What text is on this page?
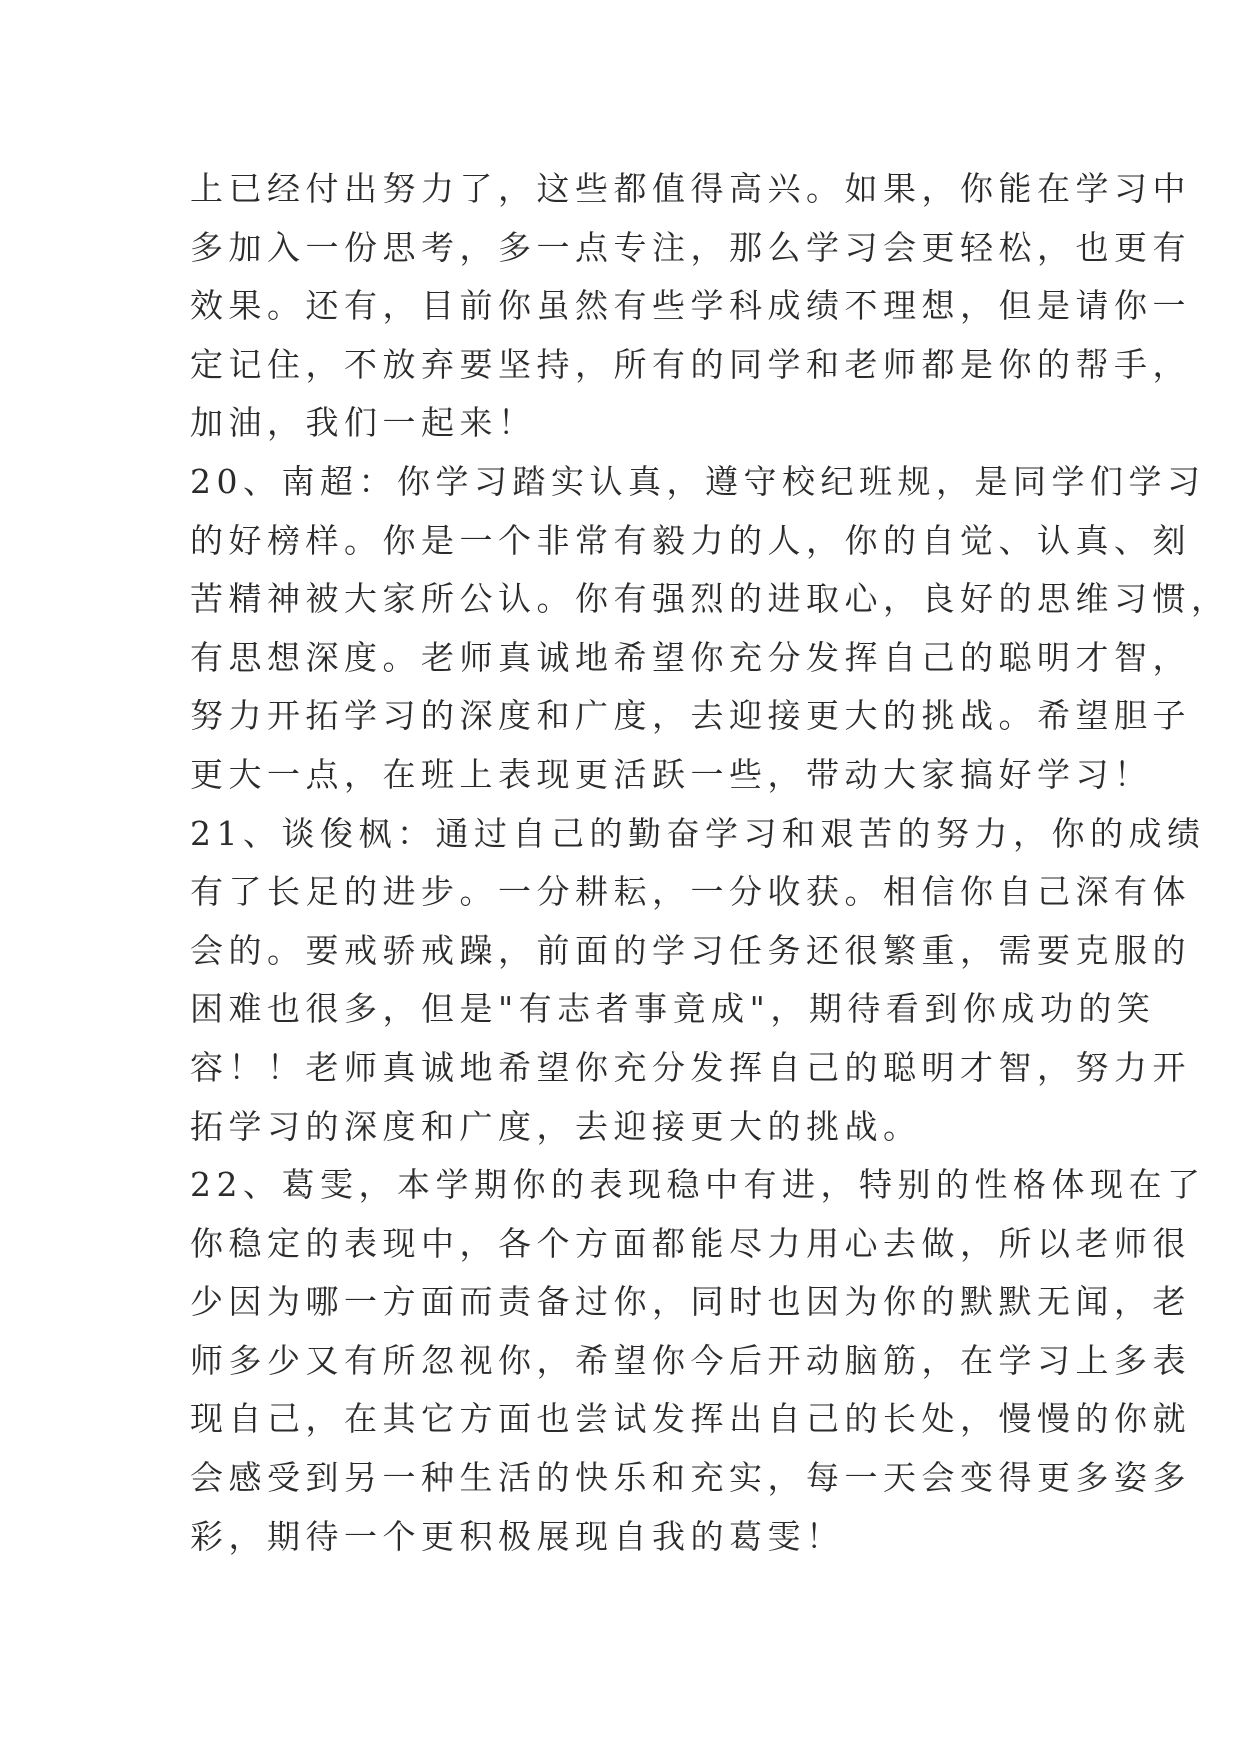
上已经付出努力了，这些都值得高兴。如果，你能在学习中
多加入一份思考，多一点专注，那么学习会更轻松，也更有
效果。还有，目前你虽然有些学科成绩不理想，但是请你一
定记住，不放弃要坚持，所有的同学和老师都是你的帮手，
加油，我们一起来！
20、南超：你学习踏实认真，遵守校纪班规，是同学们学习
的好榜样。你是一个非常有毅力的人，你的自觉、认真、刻
苦精神被大家所公认。你有强烈的进取心，良好的思维习惯，
有思想深度。老师真诚地希望你充分发挥自己的聪明才智，
努力开拓学习的深度和广度，去迎接更大的挑战。希望胆子
更大一点，在班上表现更活跃一些，带动大家搞好学习！
21、谈俊枫：通过自己的勤奋学习和艰苦的努力，你的成绩
有了长足的进步。一分耕耘，一分收获。相信你自己深有体
会的。要戒骄戒躁，前面的学习任务还很繁重，需要克服的
困难也很多，但是"有志者事竟成"，期待看到你成功的笑
容！！老师真诚地希望你充分发挥自己的聪明才智，努力开
拓学习的深度和广度，去迎接更大的挑战。
22、葛雯，本学期你的表现稳中有进，特别的性格体现在了
你稳定的表现中，各个方面都能尽力用心去做，所以老师很
少因为哪一方面而责备过你，同时也因为你的默默无闻，老
师多少又有所忽视你，希望你今后开动脑筋，在学习上多表
现自己，在其它方面也尝试发挥出自己的长处，慢慢的你就
会感受到另一种生活的快乐和充实，每一天会变得更多姿多
彩，期待一个更积极展现自我的葛雯！
